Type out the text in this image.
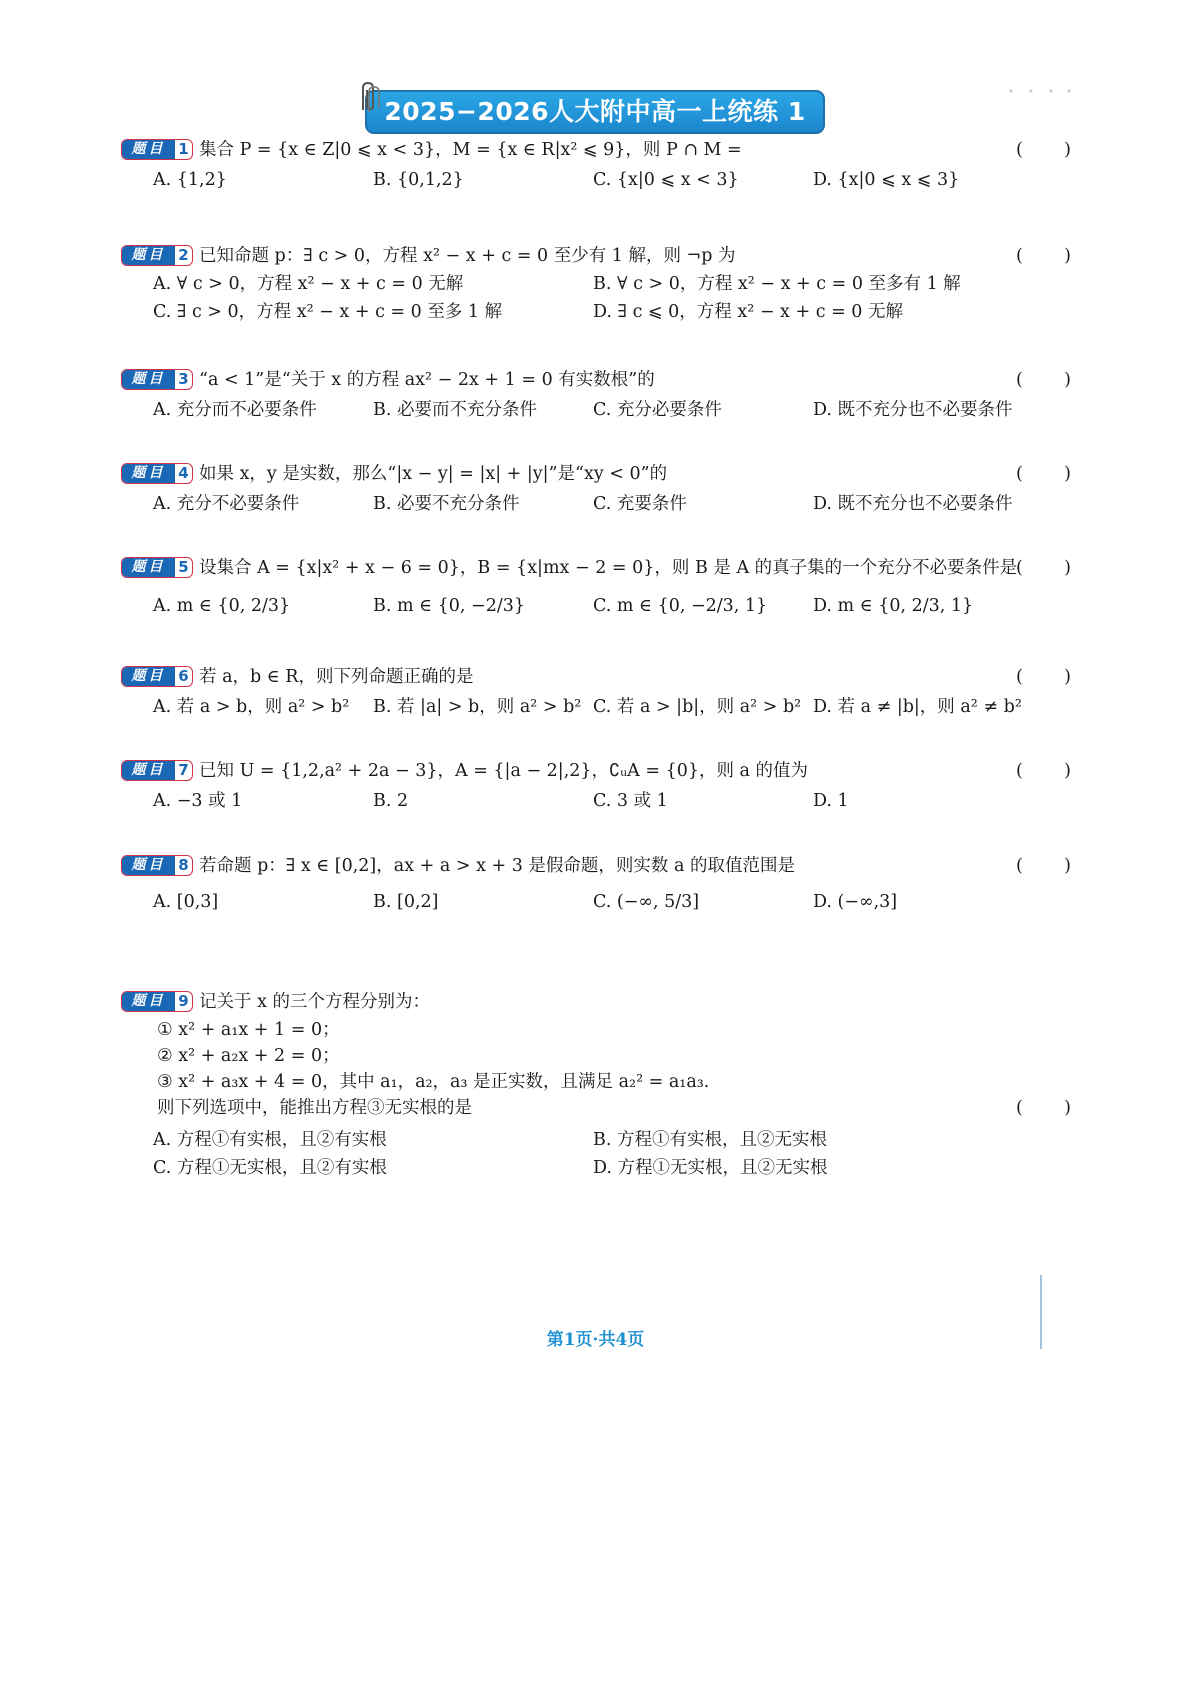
2025−2026人大附中高一上统练 1
题目 1 集合 P = {x ∈ Z|0 ⩽ x < 3}，M = {x ∈ R|x² ⩽ 9}，则 P ∩ M =	( )
A. {1,2}	B. {0,1,2}	C. {x|0 ⩽ x < 3}	D. {x|0 ⩽ x ⩽ 3}
题目 2 已知命题 p：∃ c > 0，方程 x² − x + c = 0 至少有 1 解，则 ¬p 为	( )
A. ∀ c > 0，方程 x² − x + c = 0 无解	B. ∀ c > 0，方程 x² − x + c = 0 至多有 1 解
C. ∃ c > 0，方程 x² − x + c = 0 至多 1 解	D. ∃ c ⩽ 0，方程 x² − x + c = 0 无解
题目 3 “a < 1”是“关于 x 的方程 ax² − 2x + 1 = 0 有实数根”的	( )
A. 充分而不必要条件	B. 必要而不充分条件	C. 充分必要条件	D. 既不充分也不必要条件
题目 4 如果 x，y 是实数，那么“|x − y| = |x| + |y|”是“xy < 0”的	( )
A. 充分不必要条件	B. 必要不充分条件	C. 充要条件	D. 既不充分也不必要条件
题目 5 设集合 A = {x|x² + x − 6 = 0}，B = {x|mx − 2 = 0}，则 B 是 A 的真子集的一个充分不必要条件是
( )
A. m ∈ {0, 2/3}	B. m ∈ {0, −2/3}	C. m ∈ {0, −2/3, 1}	D. m ∈ {0, 2/3, 1}
题目 6 若 a，b ∈ R，则下列命题正确的是	( )
A. 若 a > b，则 a² > b² B. 若 |a| > b，则 a² > b² C. 若 a > |b|，则 a² > b² D. 若 a ≠ |b|，则 a² ≠ b²
题目 7 已知 U = {1,2,a² + 2a − 3}，A = {|a − 2|,2}，∁ᵤA = {0}，则 a 的值为	( )
A. −3 或 1	B. 2	C. 3 或 1	D. 1
题目 8 若命题 p：∃ x ∈ [0,2]，ax + a > x + 3 是假命题，则实数 a 的取值范围是	( )
A. [0,3]	B. [0,2]	C. (−∞, 5/3]	D. (−∞,3]
题目 9 记关于 x 的三个方程分别为：
① x² + a₁x + 1 = 0；
② x² + a₂x + 2 = 0；
③ x² + a₃x + 4 = 0，其中 a₁，a₂，a₃ 是正实数，且满足 a₂² = a₁a₃.
则下列选项中，能推出方程③无实根的是	( )
A. 方程①有实根，且②有实根	B. 方程①有实根，且②无实根
C. 方程①无实根，且②有实根	D. 方程①无实根，且②无实根
第1页·共4页
